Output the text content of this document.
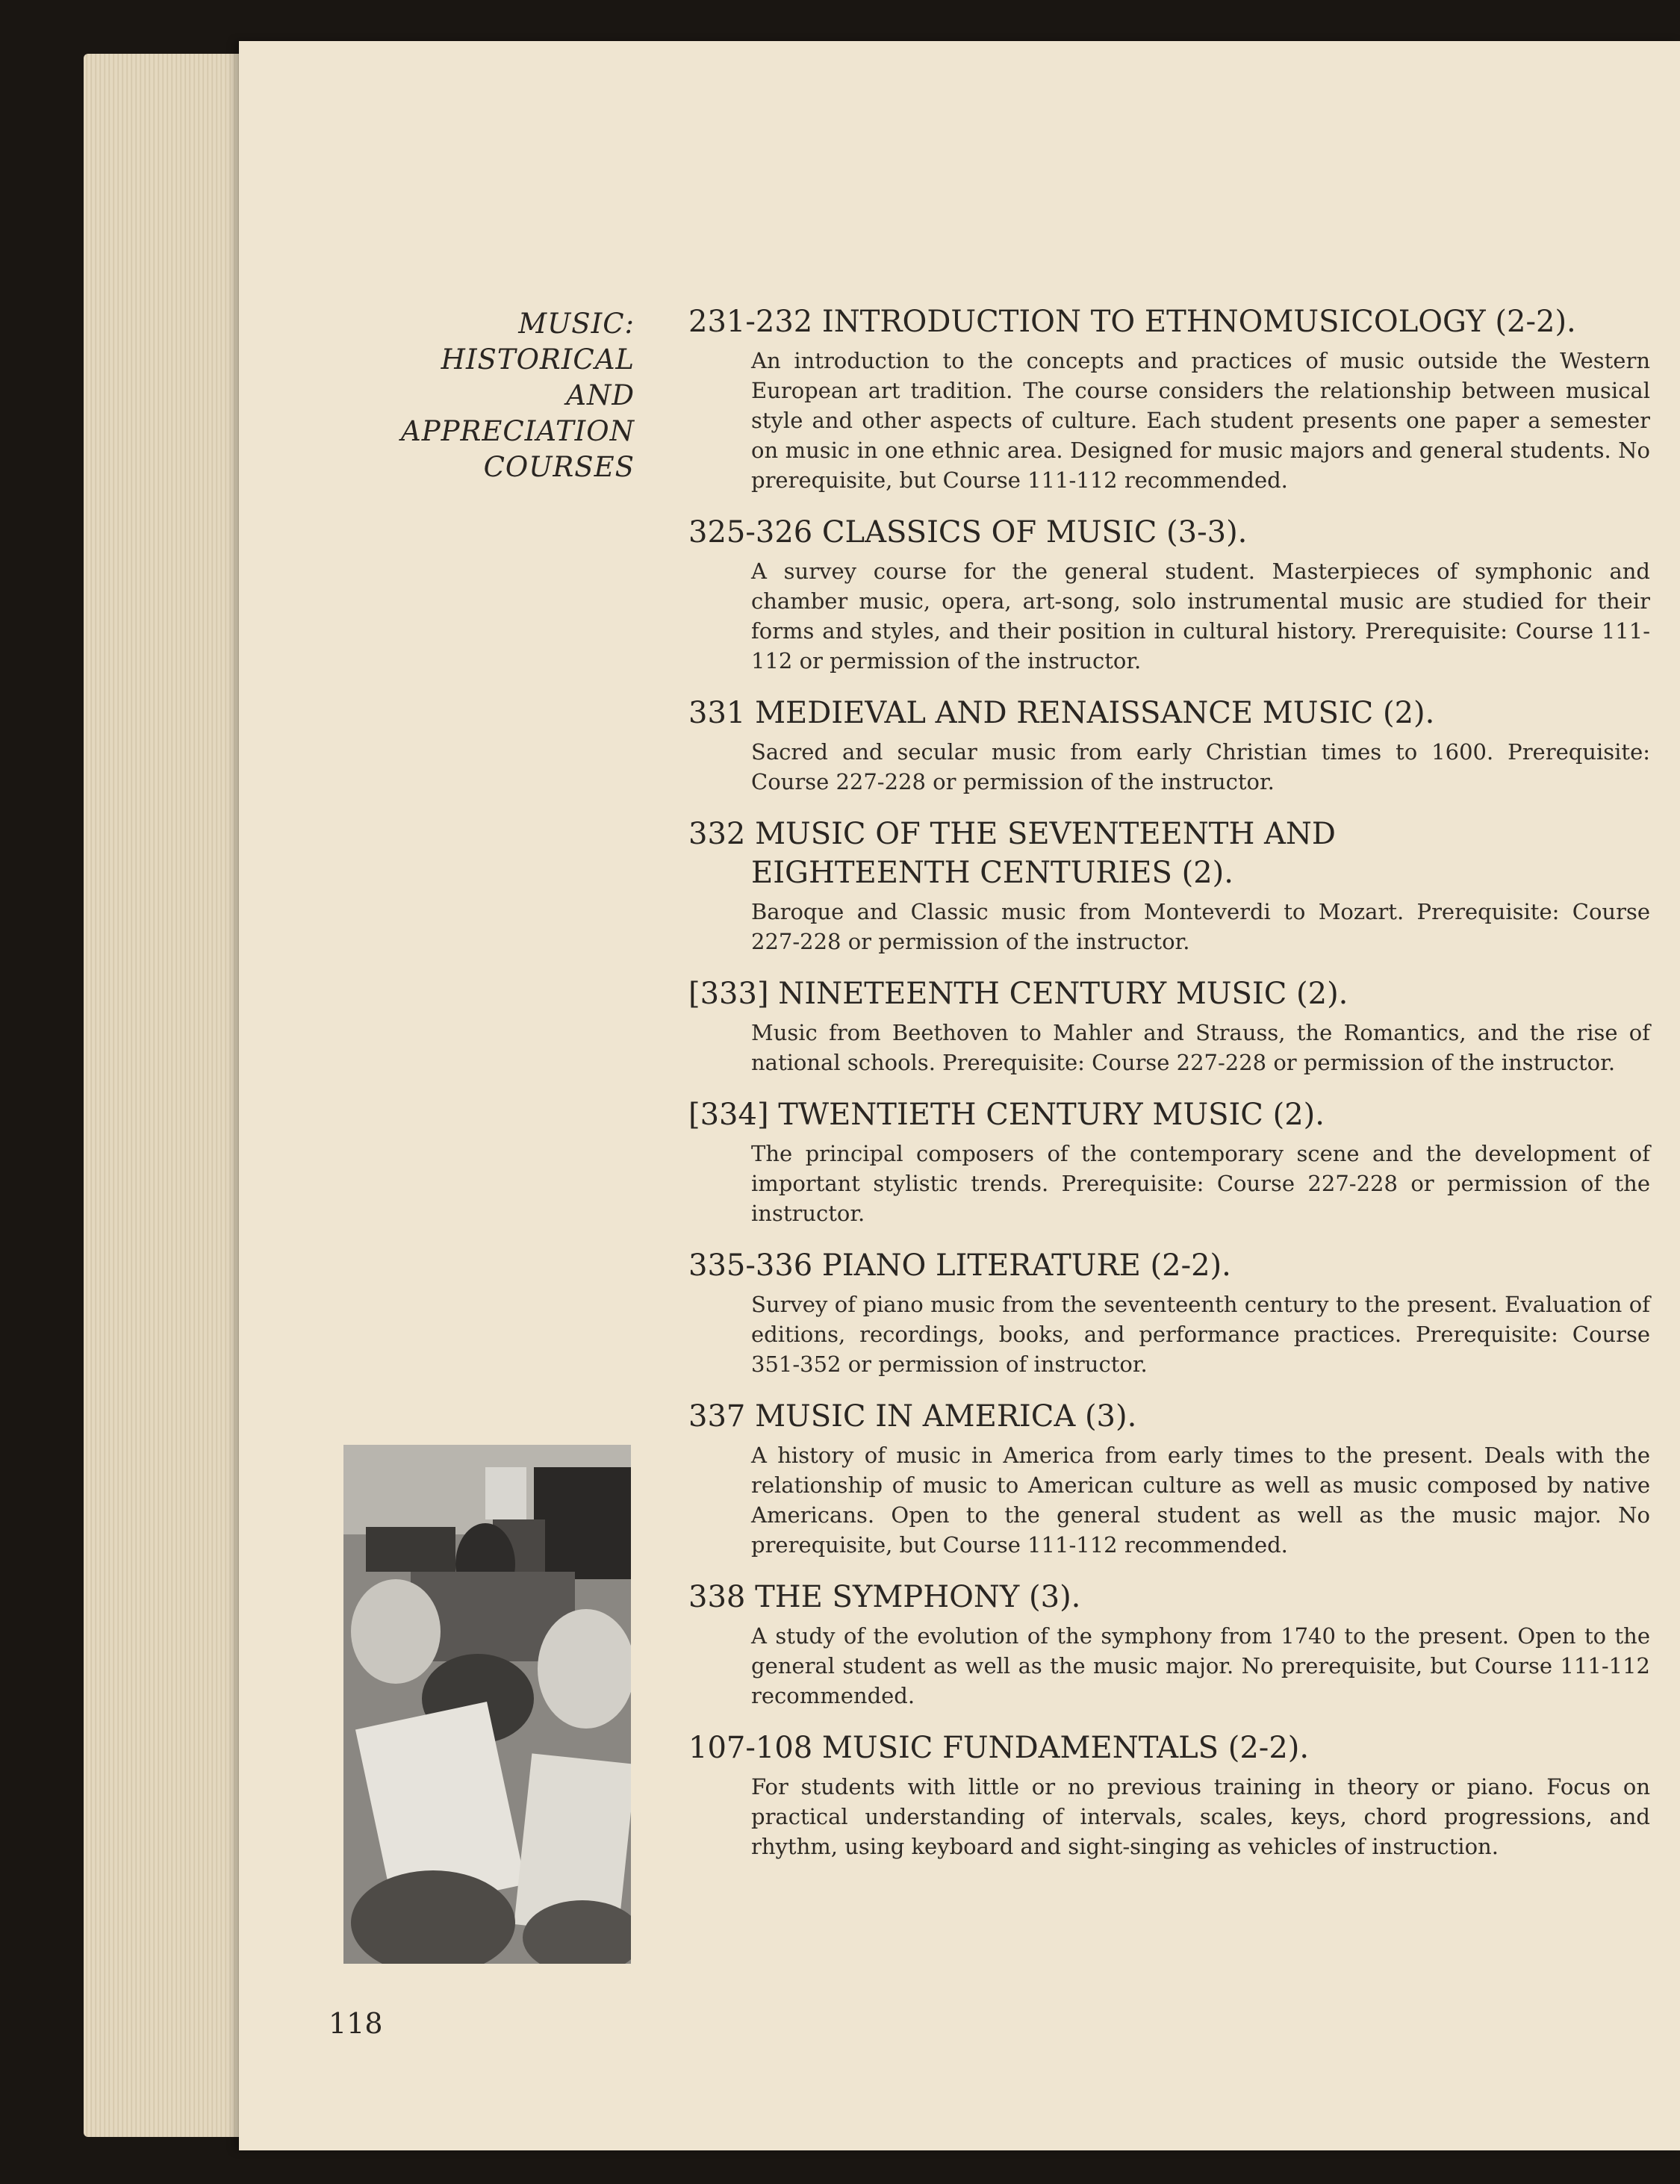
MUSIC:
HISTORICAL
AND
APPRECIATION
COURSES
118
231-232 INTRODUCTION TO ETHNOMUSICOLOGY (2-2).
An introduction to the concepts and practices of music outside the Western European art tradition. The course considers the relationship between musical style and other aspects of culture. Each student presents one paper a semester on music in one ethnic area. Designed for music majors and general students. No prerequisite, but Course 111-112 recommended.
325-326 CLASSICS OF MUSIC (3-3).
A survey course for the general student. Masterpieces of symphonic and chamber music, opera, art-song, solo instrumental music are studied for their forms and styles, and their position in cultural history. Prerequisite: Course 111-112 or permission of the instructor.
331 MEDIEVAL AND RENAISSANCE MUSIC (2).
Sacred and secular music from early Christian times to 1600. Prerequisite: Course 227-228 or permission of the instructor.
332 MUSIC OF THE SEVENTEENTH AND
EIGHTEENTH CENTURIES (2).
Baroque and Classic music from Monteverdi to Mozart. Prerequisite: Course 227-228 or permission of the instructor.
[333] NINETEENTH CENTURY MUSIC (2).
Music from Beethoven to Mahler and Strauss, the Romantics, and the rise of national schools. Prerequisite: Course 227-228 or permission of the instructor.
[334] TWENTIETH CENTURY MUSIC (2).
The principal composers of the contemporary scene and the development of important stylistic trends. Prerequisite: Course 227-228 or permission of the instructor.
335-336 PIANO LITERATURE (2-2).
Survey of piano music from the seventeenth century to the present. Evaluation of editions, recordings, books, and performance practices. Prerequisite: Course 351-352 or permission of instructor.
337 MUSIC IN AMERICA (3).
A history of music in America from early times to the present. Deals with the relationship of music to American culture as well as music composed by native Americans. Open to the general student as well as the music major. No prerequisite, but Course 111-112 recommended.
338 THE SYMPHONY (3).
A study of the evolution of the symphony from 1740 to the present. Open to the general student as well as the music major. No prerequisite, but Course 111-112 recommended.
107-108 MUSIC FUNDAMENTALS (2-2).
For students with little or no previous training in theory or piano. Focus on practical understanding of intervals, scales, keys, chord progressions, and rhythm, using keyboard and sight-singing as vehicles of instruction.
